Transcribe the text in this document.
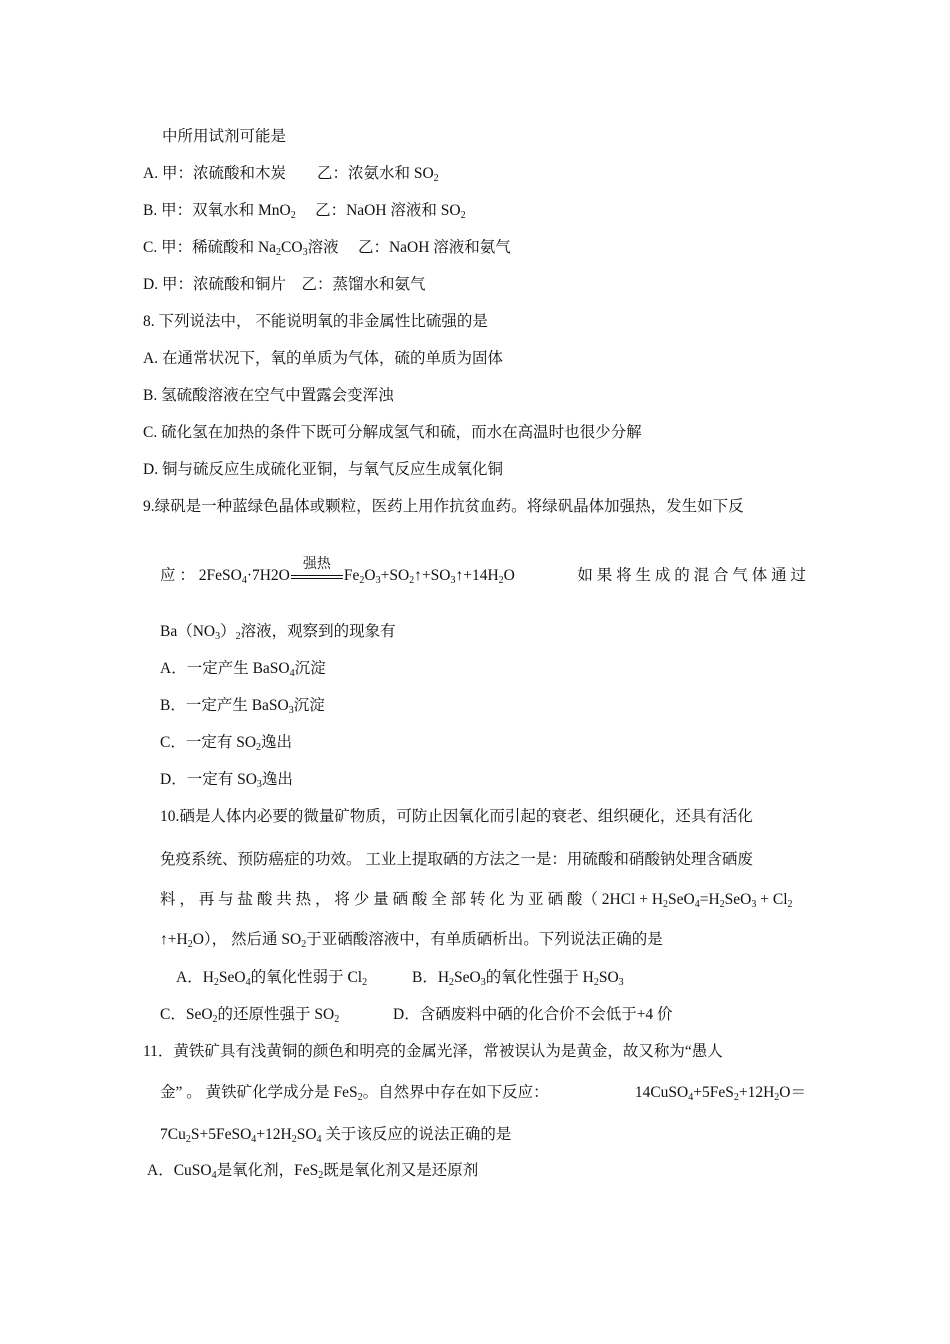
中所用试剂可能是
A. 甲：浓硫酸和木炭　　乙：浓氨水和 $SO_2$
B. 甲：双氧水和 MnO$_2$　 乙：NaOH 溶液和 $SO_2$
C. 甲：稀硫酸和 $Na_2CO_3$溶液　 乙：NaOH 溶液和氨气
D. 甲：浓硫酸和铜片　乙：蒸馏水和氨气
8. 下列说法中， 不能说明氧的非金属性比硫强的是
A. 在通常状况下，氧的单质为气体，硫的单质为固体
B. 氢硫酸溶液在空气中置露会变浑浊
C. 硫化氢在加热的条件下既可分解成氢气和硫，而水在高温时也很少分解
D. 铜与硫反应生成硫化亚铜，与氧气反应生成氧化铜
9.绿矾是一种蓝绿色晶体或颗粒，医药上用作抗贫血药。将绿矾晶体加强热，发生如下反
应 ： 2FeSO$_4$·7H2O
强热
$Fe_2O_3+SO_2↑+SO_3↑+14H_2O$	如 果 将 生 成 的 混 合 气 体 通 过
$Ba(NO_3)_2$溶液，观察到的现象有
A．一定产生 BaSO$_4$沉淀
B．一定产生 BaSO$_3$沉淀
C．一定有 $SO_2$逸出
D．一定有 $SO_3$逸出
10.硒是人体内必要的微量矿物质，可防止因氧化而引起的衰老、组织硬化，还具有活化
免疫系统、预防癌症的功效。 工业上提取硒的方法之一是：用硫酸和硝酸钠处理含硒废
料 ， 再 与 盐 酸 共 热 ， 将 少 量 硒 酸 全 部 转 化 为 亚 硒 酸（ $2HCl + H_2SeO_4=H_2SeO_3 + Cl_2$
$↑+H_2O$）， 然后通 $SO_2$于亚硒酸溶液中，有单质硒析出。下列说法正确的是
A．$H_2SeO_4$的氧化性弱于 $Cl_2$	B．$H_2SeO_3$的氧化性强于 $H_2SO_3$
C．SeO$_2$的还原性强于 $SO_2$	D．含硒废料中硒的化合价不会低于+4 价
11．黄铁矿具有浅黄铜的颜色和明亮的金属光泽，常被误认为是黄金，故又称为“愚人
金” 。 黄铁矿化学成分是 FeS$_2$。自然界中存在如下反应：	$14CuSO_4+5FeS_2+12H_2O=$
$7Cu_2S+5FeSO_4+12H_2SO_4$ 关于该反应的说法正确的是
A．CuSO$_4$是氧化剂，FeS$_2$既是氧化剂又是还原剂
